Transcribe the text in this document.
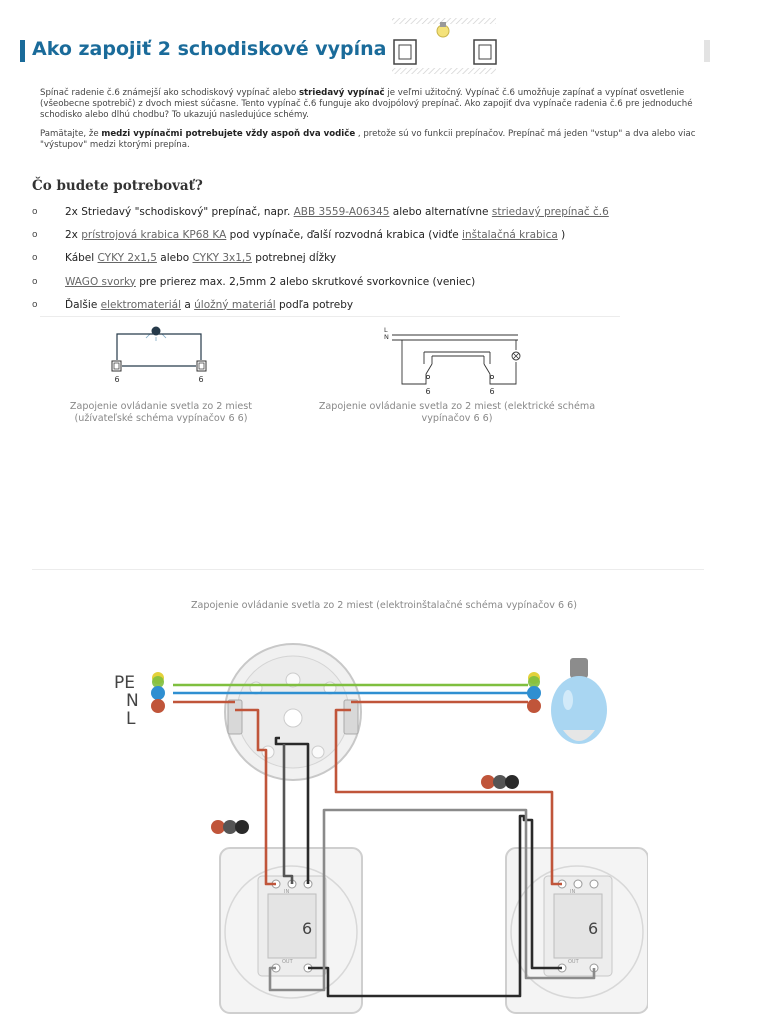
Ako zapojiť 2 schodiskové vypína

Spínač radenie č.6 známejší ako schodiskový vypínač alebo striedavý vypínač je veľmi užitočný. Vypínač č.6 umožňuje zapínať a vypínať osvetlenie (všeobecne spotrebič) z dvoch miest súčasne. Tento vypínač č.6 funguje ako dvojpólový prepínač. Ako zapojiť dva vypínače radenia č.6 pre jednoduché schodisko alebo dlhú chodbu? To ukazujú nasledujúce schémy.

Pamätajte, že medzi vypínačmi potrebujete vždy aspoň dva vodiče , pretože sú vo funkcii prepínačov. Prepínač má jeden "vstup" a dva alebo viac "výstupov" medzi ktorými prepína.

Čo budete potrebovať?
o	2x Striedavý "schodiskový" prepínač, napr. ABB 3559-A06345 alebo alternatívne striedavý prepínač č.6
o	2x prístrojová krabica KP68 KA pod vypínače, ďalší rozvodná krabica (vidťe inštalačná krabica )
o	Kábel CYKY 2x1,5 alebo CYKY 3x1,5 potrebnej dĺžky
o	WAGO svorky pre prierez max. 2,5mm 2 alebo skrutkové svorkovnice (veniec)
o	Ďalšie elektromateriál a úložný materiál podľa potreby
6	6
Zapojenie ovládanie svetla zo 2 miest
(užívateľské schéma vypínačov 6 6)
L
N
6	6
Zapojenie ovládanie svetla zo 2 miest (elektrické schéma
vypínačov 6 6)
Zapojenie ovládanie svetla zo 2 miest (elektroinštalačné schéma vypínačov 6 6)
PE
N
L
6
IN
OUT
6
IN
OUT
